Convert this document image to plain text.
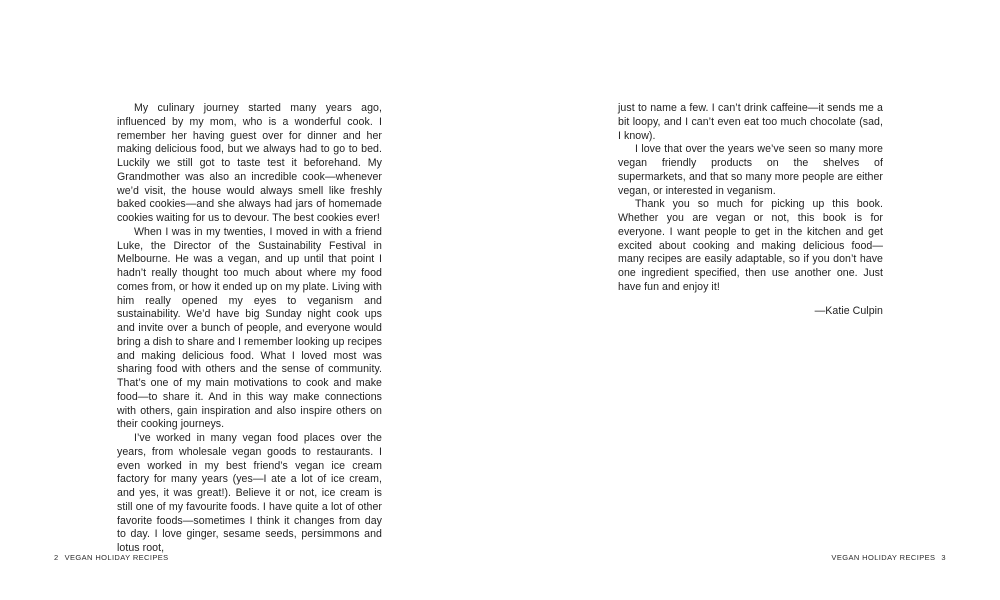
My culinary journey started many years ago, influenced by my mom, who is a wonderful cook. I remember her having guest over for dinner and her making delicious food, but we always had to go to bed. Luckily we still got to taste test it beforehand. My Grandmother was also an incredible cook—whenever we’d visit, the house would always smell like freshly baked cookies—and she always had jars of homemade cookies waiting for us to devour. The best cookies ever!

When I was in my twenties, I moved in with a friend Luke, the Director of the Sustainability Festival in Melbourne. He was a vegan, and up until that point I hadn’t really thought too much about where my food comes from, or how it ended up on my plate. Living with him really opened my eyes to veganism and sustainability. We’d have big Sunday night cook ups and invite over a bunch of people, and everyone would bring a dish to share and I remember looking up recipes and making delicious food. What I loved most was sharing food with others and the sense of community. That’s one of my main motivations to cook and make food—to share it. And in this way make connections with others, gain inspiration and also inspire others on their cooking journeys.

I’ve worked in many vegan food places over the years, from wholesale vegan goods to restaurants. I even worked in my best friend’s vegan ice cream factory for many years (yes—I ate a lot of ice cream, and yes, it was great!). Believe it or not, ice cream is still one of my favourite foods. I have quite a lot of other favorite foods—sometimes I think it changes from day to day. I love ginger, sesame seeds, persimmons and lotus root,

2 VEGAN HOLIDAY RECIPES

just to name a few. I can’t drink caffeine—it sends me a bit loopy, and I can’t even eat too much chocolate (sad, I know).

I love that over the years we’ve seen so many more vegan friendly products on the shelves of supermarkets, and that so many more people are either vegan, or interested in veganism.

Thank you so much for picking up this book. Whether you are vegan or not, this book is for everyone. I want people to get in the kitchen and get excited about cooking and making delicious food—many recipes are easily adaptable, so if you don’t have one ingredient specified, then use another one. Just have fun and enjoy it!

—Katie Culpin

VEGAN HOLIDAY RECIPES 3
